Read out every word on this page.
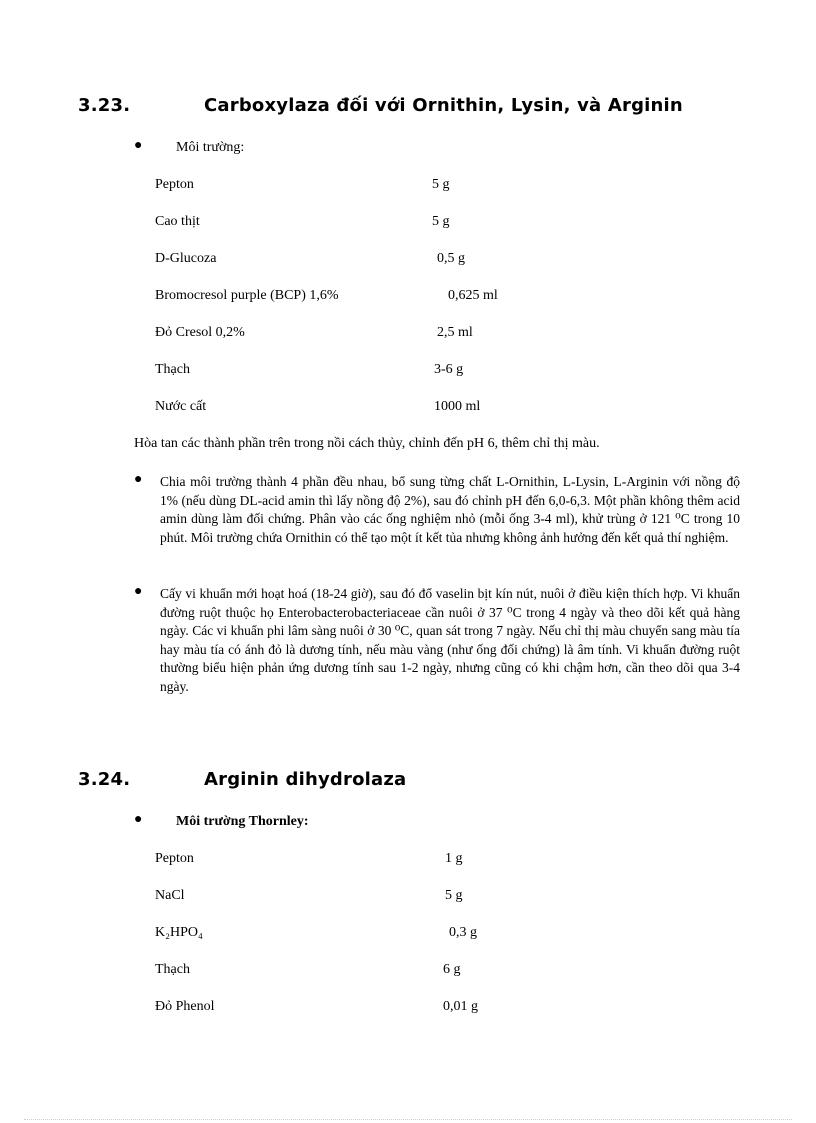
3.23.	Carboxylaza đối với Ornithin, Lysin, và Arginin
● Môi trường:
Pepton	5 g
Cao thịt	5 g
D-Glucoza	0,5 g
Bromocresol purple (BCP) 1,6%	0,625 ml
Đỏ Cresol 0,2%	2,5 ml
Thạch	3-6 g
Nước cất	1000 ml
Hòa tan các thành phần trên trong nồi cách thủy, chỉnh đến pH 6, thêm chỉ thị màu.
● Chia môi trường thành 4 phần đều nhau, bổ sung từng chất L-Ornithin, L-Lysin, L-Arginin với nồng độ 1% (nếu dùng DL-acid amin thì lấy nồng độ 2%), sau đó chỉnh pH đến 6,0-6,3. Một phần không thêm acid amin dùng làm đối chứng. Phân vào các ống nghiệm nhỏ (mỗi ống 3-4 ml), khử trùng ở 121 ⁰C trong 10 phút. Môi trường chứa Ornithin có thể tạo một ít kết tủa nhưng không ảnh hưởng đến kết quả thí nghiệm.
● Cấy vi khuẩn mới hoạt hoá (18-24 giờ), sau đó đổ vaselin bịt kín nút, nuôi ở điều kiện thích hợp. Vi khuẩn đường ruột thuộc họ Enterobacterobacteriaceae cần nuôi ở 37 ⁰C trong 4 ngày và theo dõi kết quả hàng ngày. Các vi khuẩn phi lâm sàng nuôi ở 30 ⁰C, quan sát trong 7 ngày. Nếu chỉ thị màu chuyển sang màu tía hay màu tía có ánh đỏ là dương tính, nếu màu vàng (như ống đối chứng) là âm tính. Vi khuẩn đường ruột thường biểu hiện phản ứng dương tính sau 1-2 ngày, nhưng cũng có khi chậm hơn, cần theo dõi qua 3-4 ngày.
3.24.	Arginin dihydrolaza
● Môi trường Thornley:
Pepton	1 g
NaCl	5 g
K₂HPO₄	0,3 g
Thạch	6 g
Đỏ Phenol	0,01 g
